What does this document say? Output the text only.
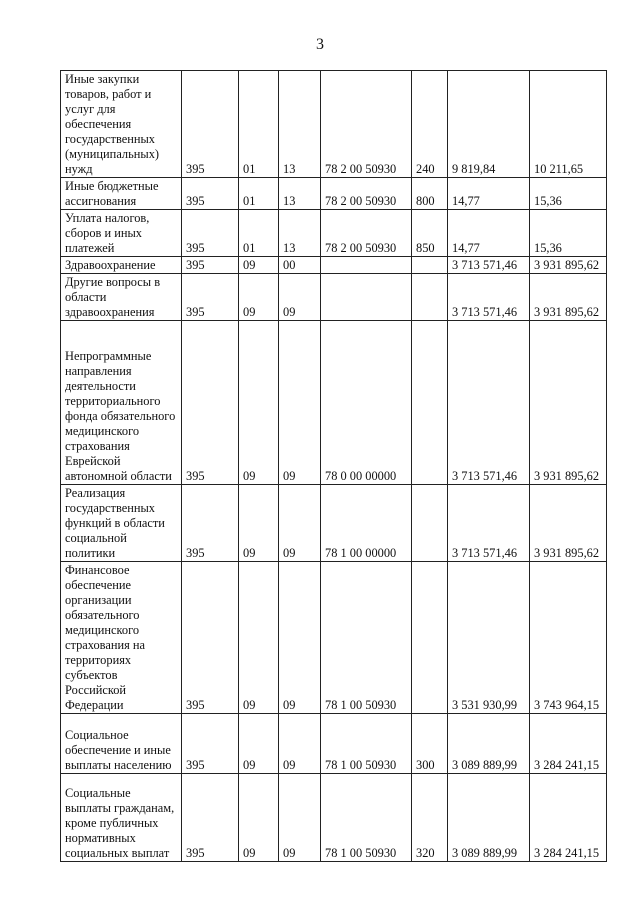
3
Иные закупки товаров, работ и услуг для обеспечения государственных (муниципальных) нужд	395	01	13	78 2 00 50930	240	9 819,84	10 211,65
Иные бюджетные ассигнования	395	01	13	78 2 00 50930	800	14,77	15,36
Уплата налогов, сборов и иных платежей	395	01	13	78 2 00 50930	850	14,77	15,36
Здравоохранение	395	09	00			3 713 571,46	3 931 895,62
Другие вопросы в области здравоохранения	395	09	09			3 713 571,46	3 931 895,62
Непрограммные направления деятельности территориального фонда обязательного медицинского страхования Еврейской автономной области	395	09	09	78 0 00 00000		3 713 571,46	3 931 895,62
Реализация государственных функций в области социальной политики	395	09	09	78 1 00 00000		3 713 571,46	3 931 895,62
Финансовое обеспечение организации обязательного медицинского страхования на территориях субъектов Российской Федерации	395	09	09	78 1 00 50930		3 531 930,99	3 743 964,15
Социальное обеспечение и иные выплаты населению	395	09	09	78 1 00 50930	300	3 089 889,99	3 284 241,15
Социальные выплаты гражданам, кроме публичных нормативных социальных выплат	395	09	09	78 1 00 50930	320	3 089 889,99	3 284 241,15
